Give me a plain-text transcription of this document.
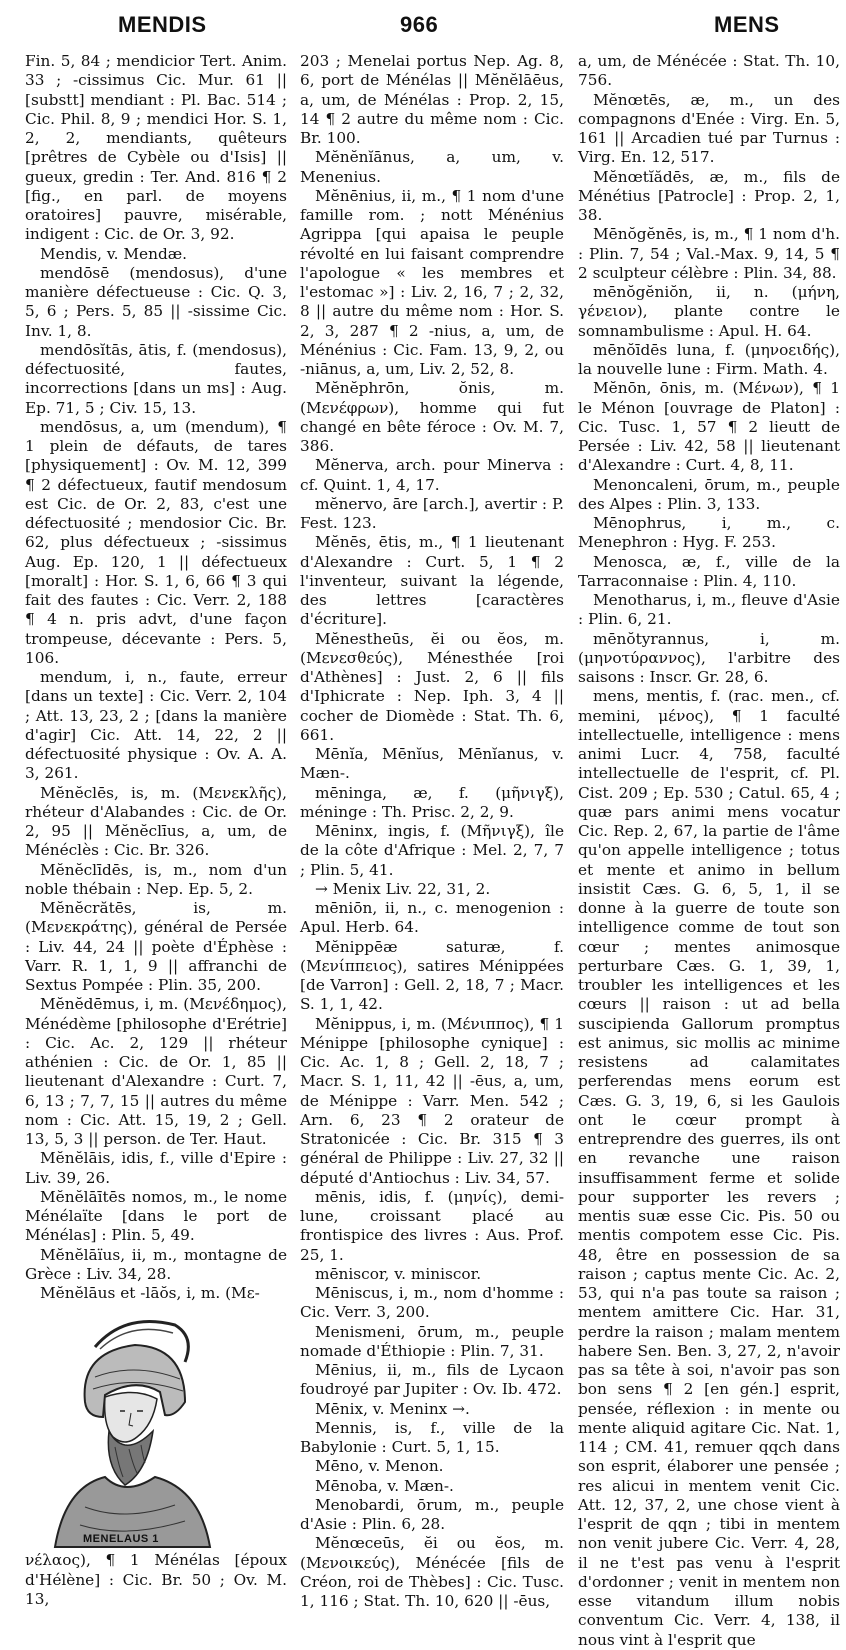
MENDIS	966	MENS

Fin. 5, 84 ; mendicior Tert. Anim. 33 ; -cissimus Cic. Mur. 61 || [substt] mendiant : Pl. Bac. 514 ; Cic. Phil. 8, 9 ; mendici Hor. S. 1, 2, 2, mendiants, quêteurs [prêtres de Cybèle ou d'Isis] || gueux, gredin : Ter. And. 816 ¶ 2 [fig., en parl. de moyens oratoires] pauvre, misérable, indigent : Cic. de Or. 3, 92.

Mendis, v. Mendæ.

mendōsē (mendosus), d'une manière défectueuse : Cic. Q. 3, 5, 6 ; Pers. 5, 85 || -sissime Cic. Inv. 1, 8.

mendōsĭtās, ātis, f. (mendosus), défectuosité, fautes, incorrections [dans un ms] : Aug. Ep. 71, 5 ; Civ. 15, 13.

mendōsus, a, um (mendum), ¶ 1 plein de défauts, de tares [physiquement] : Ov. M. 12, 399 ¶ 2 défectueux, fautif mendosum est Cic. de Or. 2, 83, c'est une défectuosité ; mendosior Cic. Br. 62, plus défectueux ; -sissimus Aug. Ep. 120, 1 || défectueux [moralt] : Hor. S. 1, 6, 66 ¶ 3 qui fait des fautes : Cic. Verr. 2, 188 ¶ 4 n. pris advt, d'une façon trompeuse, décevante : Pers. 5, 106.

mendum, i, n., faute, erreur [dans un texte] : Cic. Verr. 2, 104 ; Att. 13, 23, 2 ; [dans la manière d'agir] Cic. Att. 14, 22, 2 || défectuosité physique : Ov. A. A. 3, 261.

Mĕnĕclēs, is, m. (Μενεκλῆς), rhéteur d'Alabandes : Cic. de Or. 2, 95 || Mĕnĕclīus, a, um, de Ménéclès : Cic. Br. 326.

Mĕnĕclīdēs, is, m., nom d'un noble thébain : Nep. Ep. 5, 2.

Mĕnĕcrătēs, is, m. (Μενεκράτης), général de Persée : Liv. 44, 24 || poète d'Éphèse : Varr. R. 1, 1, 9 || affranchi de Sextus Pompée : Plin. 35, 200.

Mĕnĕdēmus, i, m. (Μενέδημος), Ménédème [philosophe d'Erétrie] : Cic. Ac. 2, 129 || rhéteur athénien : Cic. de Or. 1, 85 || lieutenant d'Alexandre : Curt. 7, 6, 13 ; 7, 7, 15 || autres du même nom : Cic. Att. 15, 19, 2 ; Gell. 13, 5, 3 || person. de Ter. Haut.

Mĕnĕlāis, idis, f., ville d'Epire : Liv. 39, 26.

Mĕnĕlāītēs nomos, m., le nome Ménélaïte [dans le port de Ménélas] : Plin. 5, 49.

Mĕnĕlāïus, ii, m., montagne de Grèce : Liv. 34, 28.

Mĕnĕlāus et -lāŏs, i, m. (Με-

MENELAUS 1

νέλαος), ¶ 1 Ménélas [époux d'Hélène] : Cic. Br. 50 ; Ov. M. 13,

203 ; Menelai portus Nep. Ag. 8, 6, port de Ménélas || Mĕnĕlāēus, a, um, de Ménélas : Prop. 2, 15, 14 ¶ 2 autre du même nom : Cic. Br. 100.

Mĕnĕnĭānus, a, um, v. Menenius.

Mĕnēnius, ii, m., ¶ 1 nom d'une famille rom. ; nott Ménénius Agrippa [qui apaisa le peuple révolté en lui faisant comprendre l'apologue « les membres et l'estomac »] : Liv. 2, 16, 7 ; 2, 32, 8 || autre du même nom : Hor. S. 2, 3, 287 ¶ 2 -nius, a, um, de Ménénius : Cic. Fam. 13, 9, 2, ou -niānus, a, um, Liv. 2, 52, 8.

Mĕnĕphrōn, ŏnis, m. (Μενέφρων), homme qui fut changé en bête féroce : Ov. M. 7, 386.

Mĕnerva, arch. pour Minerva : cf. Quint. 1, 4, 17.

mĕnervo, āre [arch.], avertir : P. Fest. 123.

Mĕnēs, ētis, m., ¶ 1 lieutenant d'Alexandre : Curt. 5, 1 ¶ 2 l'inventeur, suivant la légende, des lettres [caractères d'écriture].

Mĕnestheūs, ĕi ou ĕos, m. (Μενεσθεύς), Ménesthée [roi d'Athènes] : Just. 2, 6 || fils d'Iphicrate : Nep. Iph. 3, 4 || cocher de Diomède : Stat. Th. 6, 661.

Mēnĭa, Mēnĭus, Mēnĭanus, v. Mæn-.

mēninga, æ, f. (μῆνιγξ), méninge : Th. Prisc. 2, 2, 9.

Mēninx, ingis, f. (Μῆνιγξ), île de la côte d'Afrique : Mel. 2, 7, 7 ; Plin. 5, 41.

→ Menix Liv. 22, 31, 2.

mēniōn, ii, n., c. menogenion : Apul. Herb. 64.

Mĕnippēæ saturæ, f. (Μενίππειος), satires Ménippées [de Varron] : Gell. 2, 18, 7 ; Macr. S. 1, 1, 42.

Mĕnippus, i, m. (Μένιππος), ¶ 1 Ménippe [philosophe cynique] : Cic. Ac. 1, 8 ; Gell. 2, 18, 7 ; Macr. S. 1, 11, 42 || -ēus, a, um, de Ménippe : Varr. Men. 542 ; Arn. 6, 23 ¶ 2 orateur de Stratonicée : Cic. Br. 315 ¶ 3 général de Philippe : Liv. 27, 32 || député d'Antiochus : Liv. 34, 57.

mēnis, idis, f. (μηνίς), demi-lune, croissant placé au frontispice des livres : Aus. Prof. 25, 1.

mēniscor, v. miniscor.

Mēniscus, i, m., nom d'homme : Cic. Verr. 3, 200.

Menismeni, ōrum, m., peuple nomade d'Éthiopie : Plin. 7, 31.

Mēnius, ii, m., fils de Lycaon foudroyé par Jupiter : Ov. Ib. 472.

Mēnix, v. Meninx →.

Mennis, is, f., ville de la Babylonie : Curt. 5, 1, 15.

Mēno, v. Menon.

Mēnoba, v. Mæn-.

Menobardi, ōrum, m., peuple d'Asie : Plin. 6, 28.

Mĕnœceūs, ĕi ou ĕos, m. (Μενοικεύς), Ménécée [fils de Créon, roi de Thèbes] : Cic. Tusc. 1, 116 ; Stat. Th. 10, 620 || -ēus,

a, um, de Ménécée : Stat. Th. 10, 756.

Mĕnœtēs, æ, m., un des compagnons d'Enée : Virg. En. 5, 161 || Arcadien tué par Turnus : Virg. En. 12, 517.

Mĕnœtĭădēs, æ, m., fils de Ménétius [Patrocle] : Prop. 2, 1, 38.

Mēnŏgĕnēs, is, m., ¶ 1 nom d'h. : Plin. 7, 54 ; Val.-Max. 9, 14, 5 ¶ 2 sculpteur célèbre : Plin. 34, 88.

mēnŏgĕniŏn, ii, n. (μήνη, γένειον), plante contre le somnambulisme : Apul. H. 64.

mēnŏīdēs luna, f. (μηνοειδής), la nouvelle lune : Firm. Math. 4.

Mĕnōn, ōnis, m. (Μένων), ¶ 1 le Ménon [ouvrage de Platon] : Cic. Tusc. 1, 57 ¶ 2 lieutt de Persée : Liv. 42, 58 || lieutenant d'Alexandre : Curt. 4, 8, 11.

Menoncaleni, ōrum, m., peuple des Alpes : Plin. 3, 133.

Mēnophrus, i, m., c. Menephron : Hyg. F. 253.

Menosca, æ, f., ville de la Tarraconnaise : Plin. 4, 110.

Menotharus, i, m., fleuve d'Asie : Plin. 6, 21.

mēnŏtyrannus, i, m. (μηνοτύραννος), l'arbitre des saisons : Inscr. Gr. 28, 6.

mens, mentis, f. (rac. men., cf. memini, μένος), ¶ 1 faculté intellectuelle, intelligence : mens animi Lucr. 4, 758, faculté intellectuelle de l'esprit, cf. Pl. Cist. 209 ; Ep. 530 ; Catul. 65, 4 ; quæ pars animi mens vocatur Cic. Rep. 2, 67, la partie de l'âme qu'on appelle intelligence ; totus et mente et animo in bellum insistit Cæs. G. 6, 5, 1, il se donne à la guerre de toute son intelligence comme de tout son cœur ; mentes animosque perturbare Cæs. G. 1, 39, 1, troubler les intelligences et les cœurs || raison : ut ad bella suscipienda Gallorum promptus est animus, sic mollis ac minime resistens ad calamitates perferendas mens eorum est Cæs. G. 3, 19, 6, si les Gaulois ont le cœur prompt à entreprendre des guerres, ils ont en revanche une raison insuffisamment ferme et solide pour supporter les revers ; mentis suæ esse Cic. Pis. 50 ou mentis compotem esse Cic. Pis. 48, être en possession de sa raison ; captus mente Cic. Ac. 2, 53, qui n'a pas toute sa raison ; mentem amittere Cic. Har. 31, perdre la raison ; malam mentem habere Sen. Ben. 3, 27, 2, n'avoir pas sa tête à soi, n'avoir pas son bon sens ¶ 2 [en gén.] esprit, pensée, réflexion : in mente ou mente aliquid agitare Cic. Nat. 1, 114 ; CM. 41, remuer qqch dans son esprit, élaborer une pensée ; res alicui in mentem venit Cic. Att. 12, 37, 2, une chose vient à l'esprit de qqn ; tibi in mentem non venit jubere Cic. Verr. 4, 28, il ne t'est pas venu à l'esprit d'ordonner ; venit in mentem non esse vitandum illum nobis conventum Cic. Verr. 4, 138, il nous vint à l'esprit que
